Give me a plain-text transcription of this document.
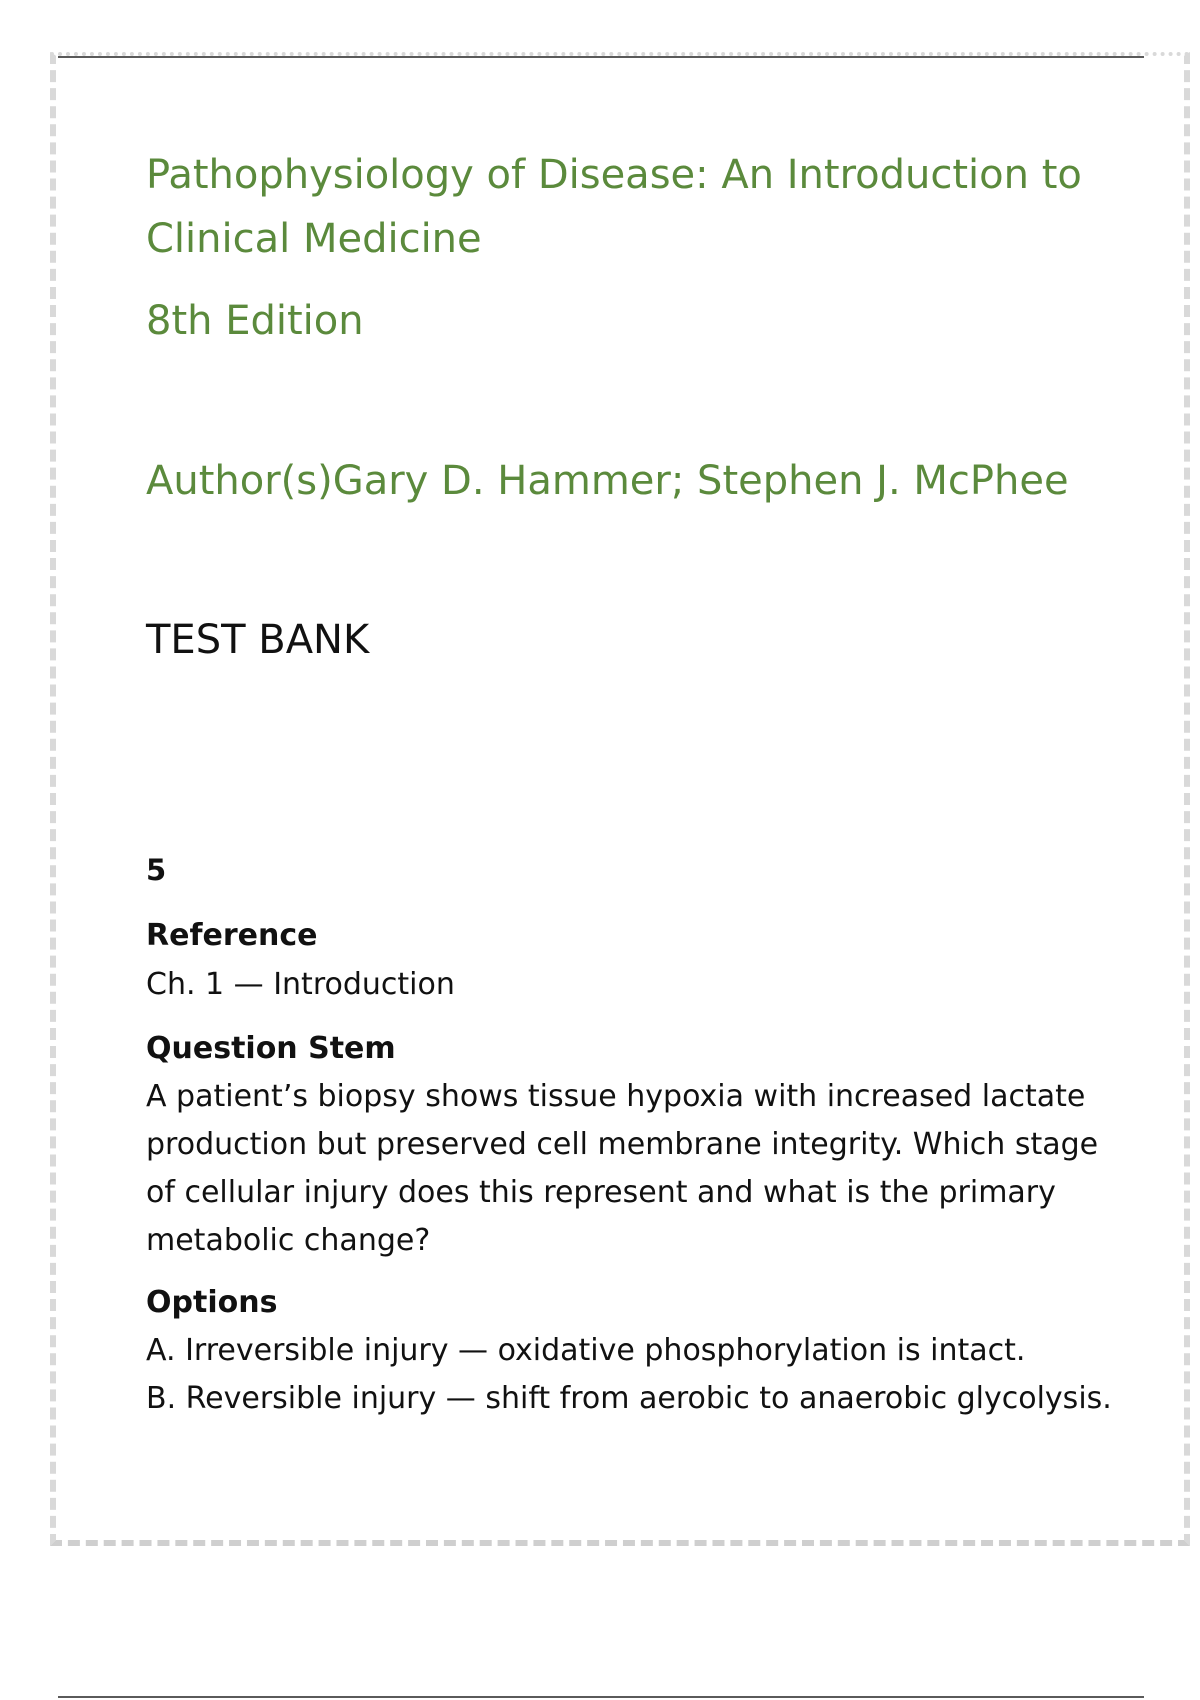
Pathophysiology of Disease: An Introduction to Clinical Medicine
8th Edition
Author(s)Gary D. Hammer; Stephen J. McPhee
TEST BANK
5
Reference
Ch. 1 — Introduction
Question Stem

A patient’s biopsy shows tissue hypoxia with increased lactate production but preserved cell membrane integrity. Which stage of cellular injury does this represent and what is the primary metabolic change?

Options
A. Irreversible injury — oxidative phosphorylation is intact.
B. Reversible injury — shift from aerobic to anaerobic glycolysis.
